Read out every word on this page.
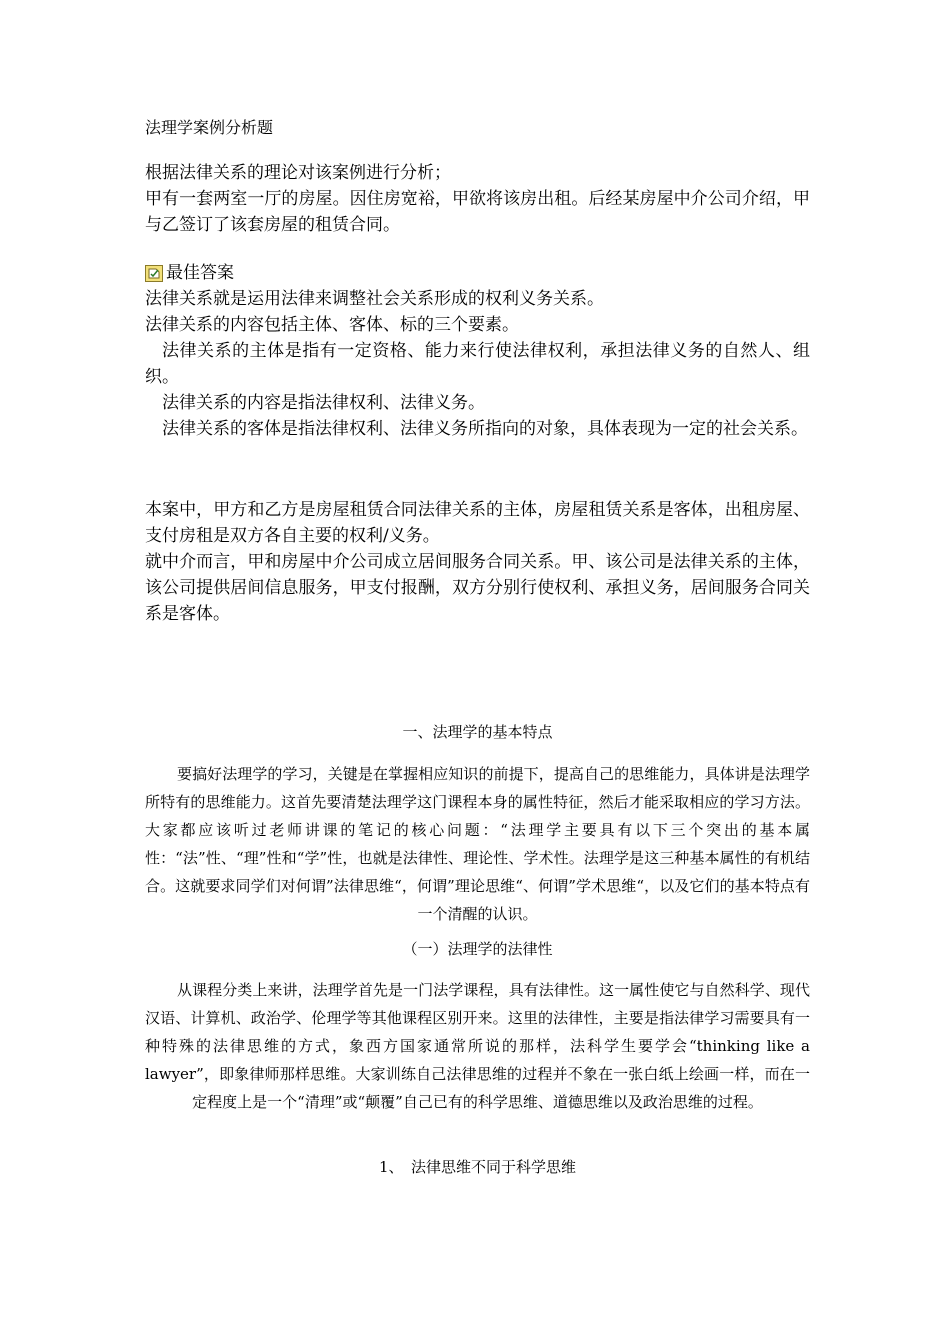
法理学案例分析题

根据法律关系的理论对该案例进行分析；

甲有一套两室一厅的房屋。因住房宽裕，甲欲将该房出租。后经某房屋中介公司介绍，甲与乙签订了该套房屋的租赁合同。

最佳答案

法律关系就是运用法律来调整社会关系形成的权利义务关系。

法律关系的内容包括主体、客体、标的三个要素。

法律关系的主体是指有一定资格、能力来行使法律权利，承担法律义务的自然人、组织。

法律关系的内容是指法律权利、法律义务。

法律关系的客体是指法律权利、法律义务所指向的对象，具体表现为一定的社会关系。

本案中，甲方和乙方是房屋租赁合同法律关系的主体，房屋租赁关系是客体，出租房屋、支付房租是双方各自主要的权利/义务。

就中介而言，甲和房屋中介公司成立居间服务合同关系。甲、该公司是法律关系的主体，该公司提供居间信息服务，甲支付报酬，双方分别行使权利、承担义务，居间服务合同关系是客体。

一、法理学的基本特点

要搞好法理学的学习，关键是在掌握相应知识的前提下，提高自己的思维能力，具体讲是法理学所特有的思维能力。这首先要清楚法理学这门课程本身的属性特征，然后才能采取相应的学习方法。大家都应该听过老师讲课的笔记的核心问题：“法理学主要具有以下三个突出的基本属性：“法”性、“理”性和“学”性，也就是法律性、理论性、学术性。法理学是这三种基本属性的有机结合。这就要求同学们对何谓”法律思维“，何谓”理论思维“、何谓”学术思维“，以及它们的基本特点有一个清醒的认识。

（一）法理学的法律性

从课程分类上来讲，法理学首先是一门法学课程，具有法律性。这一属性使它与自然科学、现代汉语、计算机、政治学、伦理学等其他课程区别开来。这里的法律性，主要是指法律学习需要具有一种特殊的法律思维的方式，象西方国家通常所说的那样，法科学生要学会“thinking like a lawyer”，即象律师那样思维。大家训练自己法律思维的过程并不象在一张白纸上绘画一样，而在一定程度上是一个“清理”或“颠覆”自己已有的科学思维、道德思维以及政治思维的过程。

1、　法律思维不同于科学思维
